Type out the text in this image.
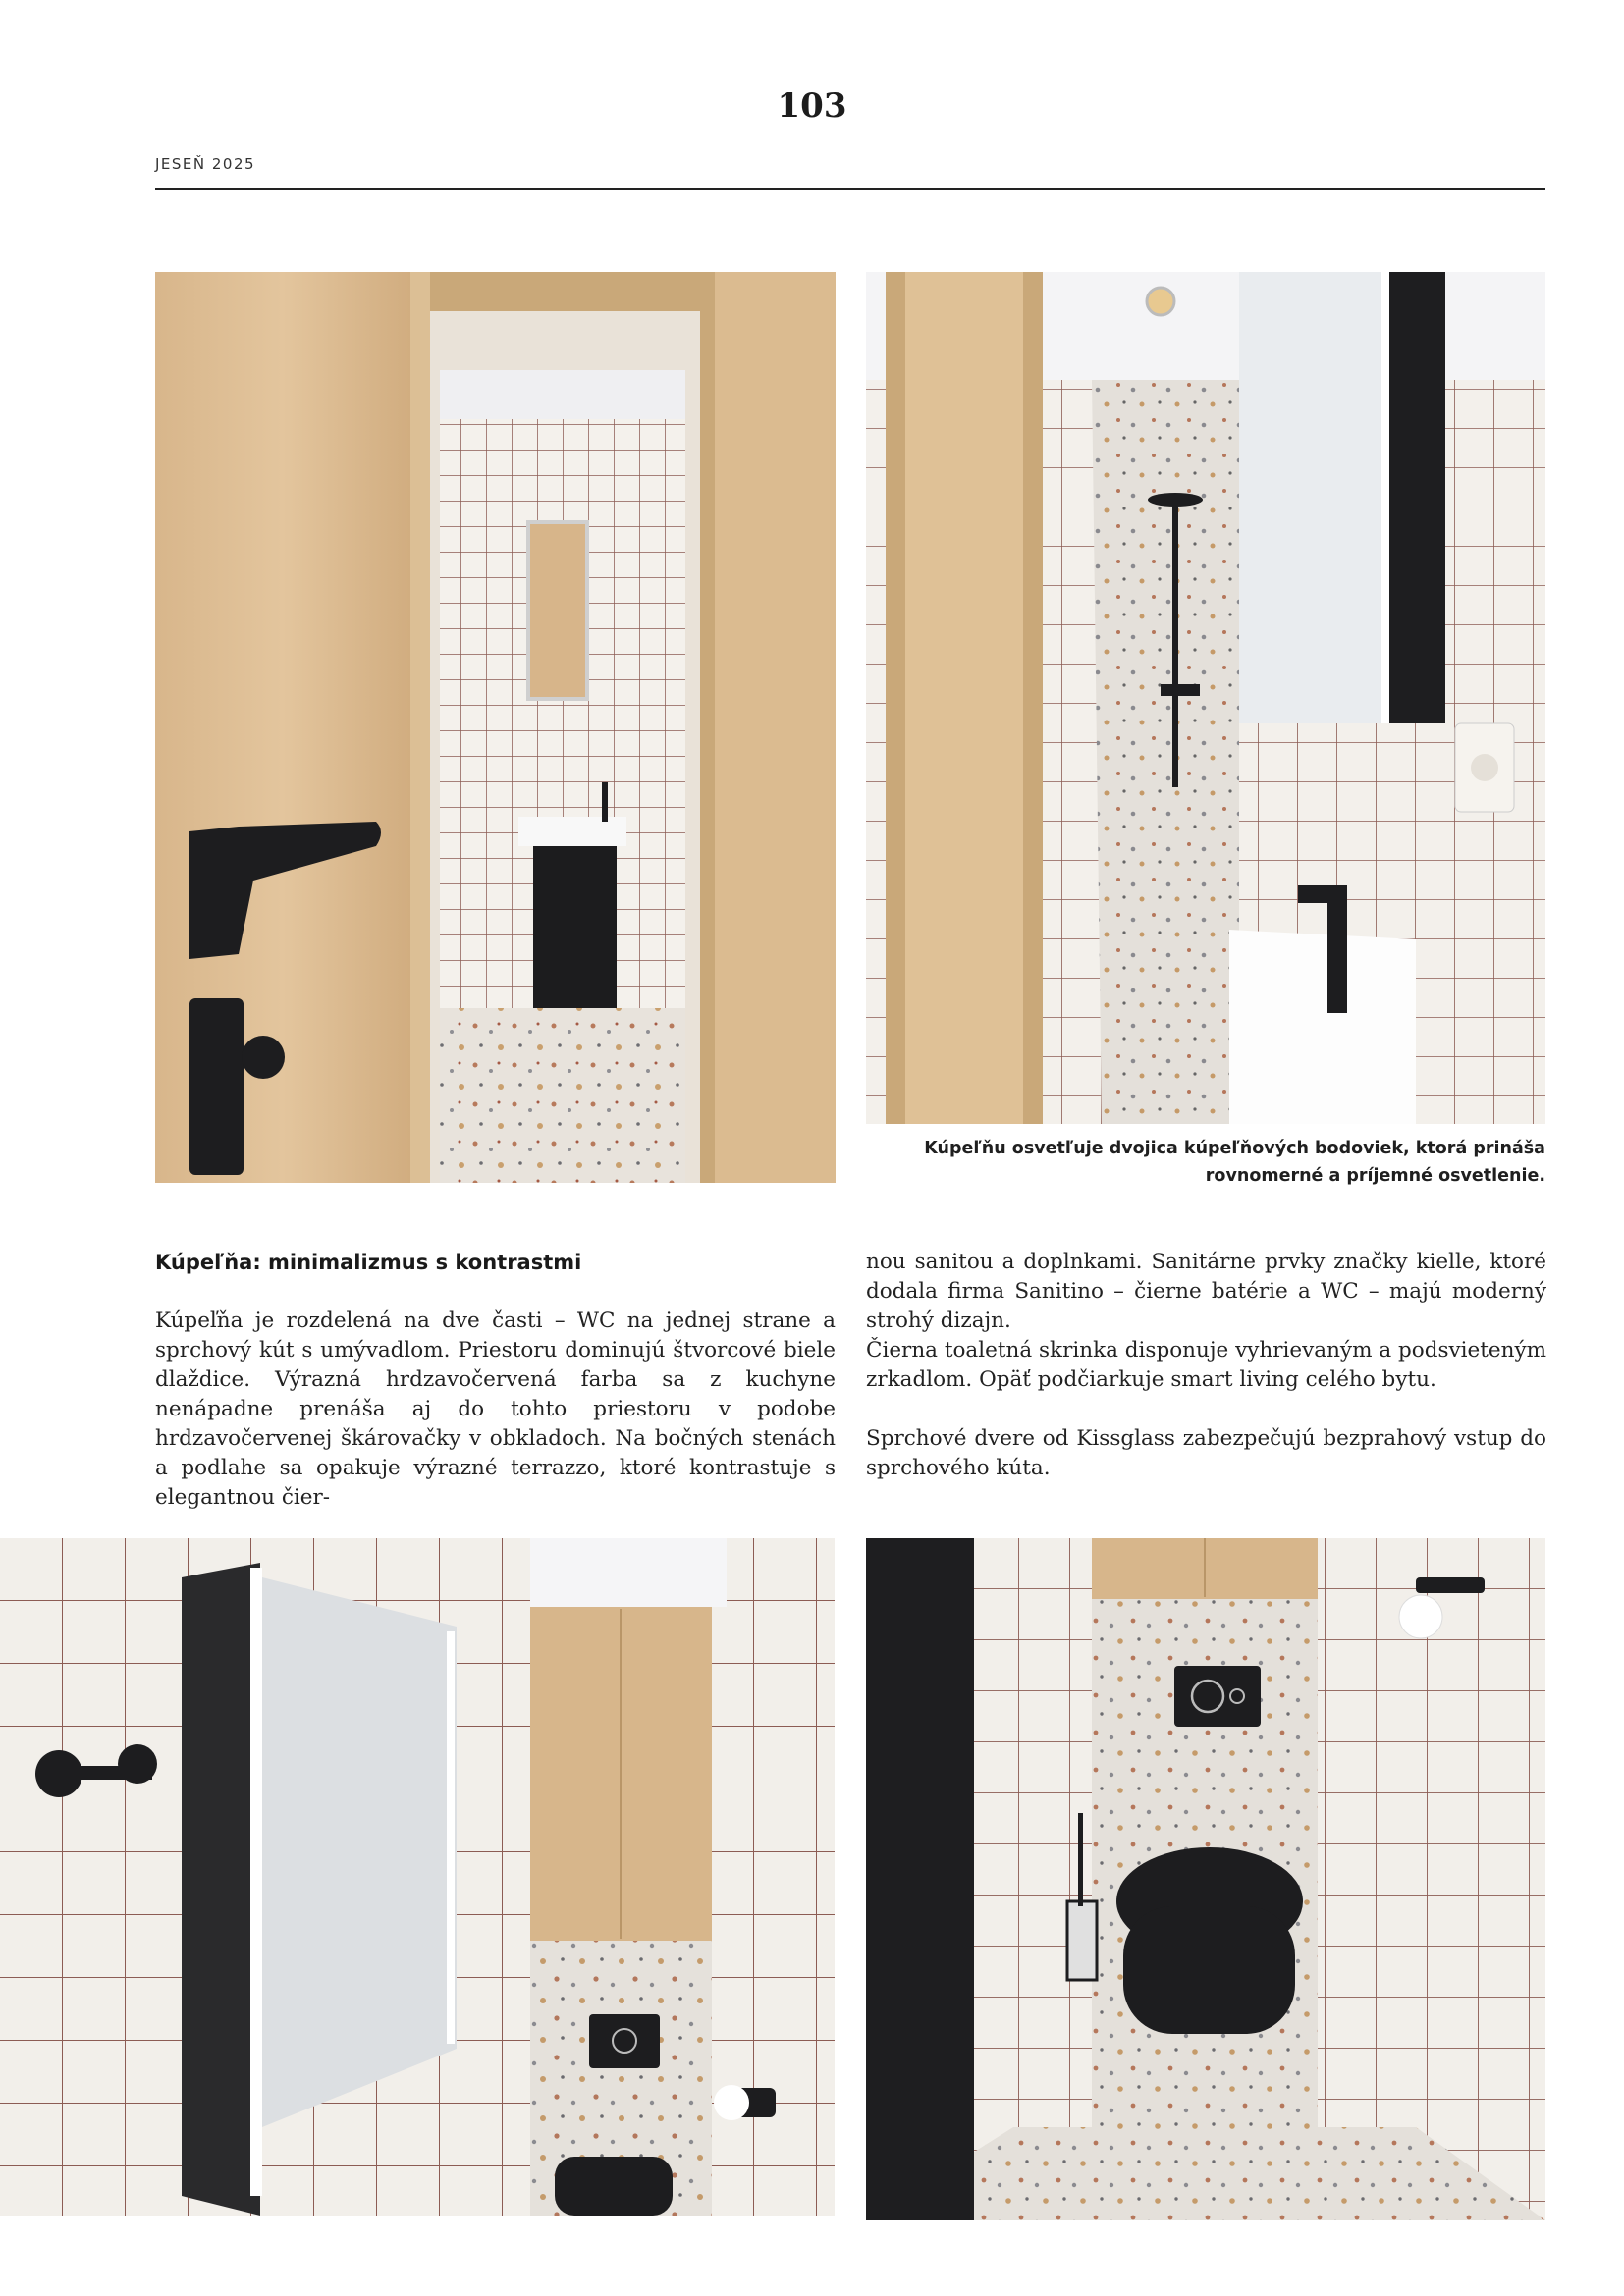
103
JESEŇ 2025
Kúpeľňu osvetľuje dvojica kúpeľňových bodoviek, ktorá prináša
rovnomerné a príjemné osvetlenie.
Kúpeľňa: minimalizmus s kontrastmi

Kúpeľňa je rozdelená na dve časti – WC na jednej strane a sprchový kút s umývadlom. Priestoru dominujú štvorcové biele dlaždice. Výrazná hrdzavočervená farba sa z kuchyne nenápadne prenáša aj do tohto priestoru v podobe hrdzavočervenej škárovačky v obkladoch. Na bočných stenách a podlahe sa opakuje výrazné terrazzo, ktoré kontrastuje s elegantnou čier-

nou sanitou a doplnkami. Sanitárne prvky značky kielle, ktoré dodala firma Sanitino – čierne batérie a WC – majú moderný strohý dizajn.

Čierna toaletná skrinka disponuje vyhrievaným a podsvieteným zrkadlom. Opäť podčiarkuje smart living celého bytu.

Sprchové dvere od Kissglass zabezpečujú bezprahový vstup do sprchového kúta.
